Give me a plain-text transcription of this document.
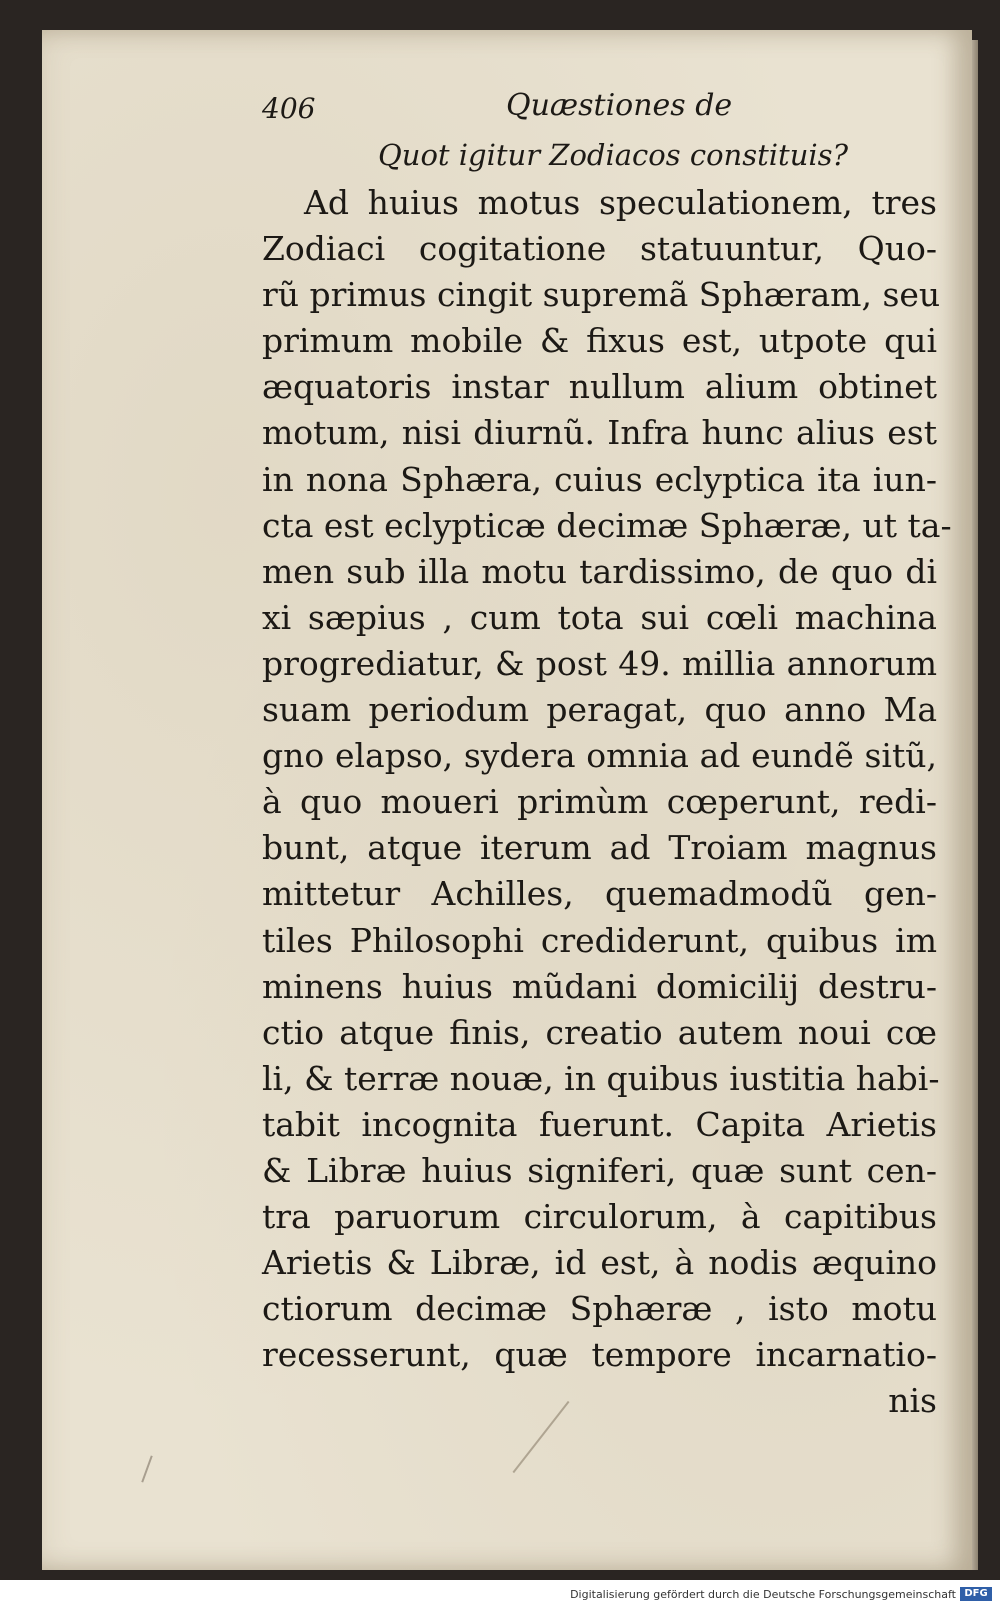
406	Quæstiones de
Quot igitur Zodiacos constituis?
Ad huius motus speculationem, tres
Zodiaci cogitatione statuuntur, Quo-
rũ primus cingit supremã Sphæram, seu
primum mobile & fixus est, utpote qui
æquatoris instar nullum alium obtinet
motum, nisi diurnũ. Infra hunc alius est
in nona Sphæra, cuius eclyptica ita iun-
cta est eclypticæ decimæ Sphæræ, ut ta-
men sub illa motu tardissimo, de quo di
xi sæpius , cum tota sui cœli machina
progrediatur, & post 49. millia annorum
suam periodum peragat, quo anno Ma
gno elapso, sydera omnia ad eundẽ sitũ,
à quo moueri primùm cœperunt, redi-
bunt, atque iterum ad Troiam magnus
mittetur Achilles, quemadmodũ gen-
tiles Philosophi crediderunt, quibus im
minens huius mũdani domicilij destru-
ctio atque finis, creatio autem noui cœ
li, & terræ nouæ, in quibus iustitia habi-
tabit incognita fuerunt. Capita Arietis
& Libræ huius signiferi, quæ sunt cen-
tra paruorum circulorum, à capitibus
Arietis & Libræ, id est, à nodis æquino
ctiorum decimæ Sphæræ , isto motu
recesserunt, quæ tempore incarnatio-
nis
Digitalisierung gefördert durch die Deutsche Forschungsgemeinschaft DFG
